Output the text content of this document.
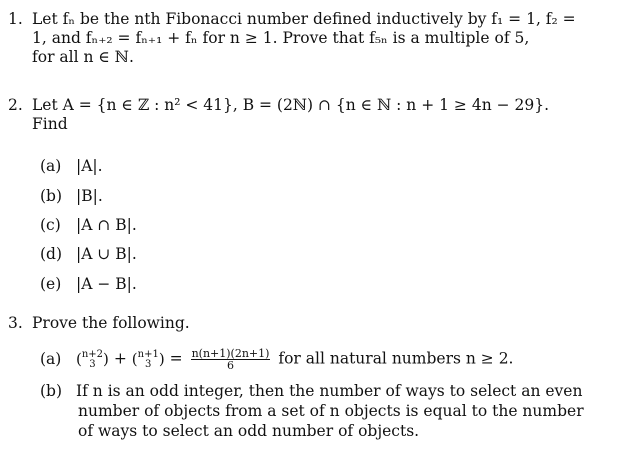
1. Let fₙ be the nth Fibonacci number defined inductively by f₁ = 1, f₂ =
1, and fₙ₊₂ = fₙ₊₁ + fₙ for n ≥ 1. Prove that f₅ₙ is a multiple of 5,
for all n ∈ ℕ.
2. Let A = {n ∈ ℤ : n² < 41}, B = (2ℕ) ∩ {n ∈ ℕ : n + 1 ≥ 4n − 29}.
Find
(a) |A|.
(b) |B|.
(c) |A ∩ B|.
(d) |A ∪ B|.
(e) |A − B|.
3. Prove the following.
(a) ( n+2
3 ) + ( n+1
3 ) = $\frac{n(n+1)(2n+1)}{6}$ for all natural numbers n ≥ 2.
(b) If n is an odd integer, then the number of ways to select an even
number of objects from a set of n objects is equal to the number
of ways to select an odd number of objects.
